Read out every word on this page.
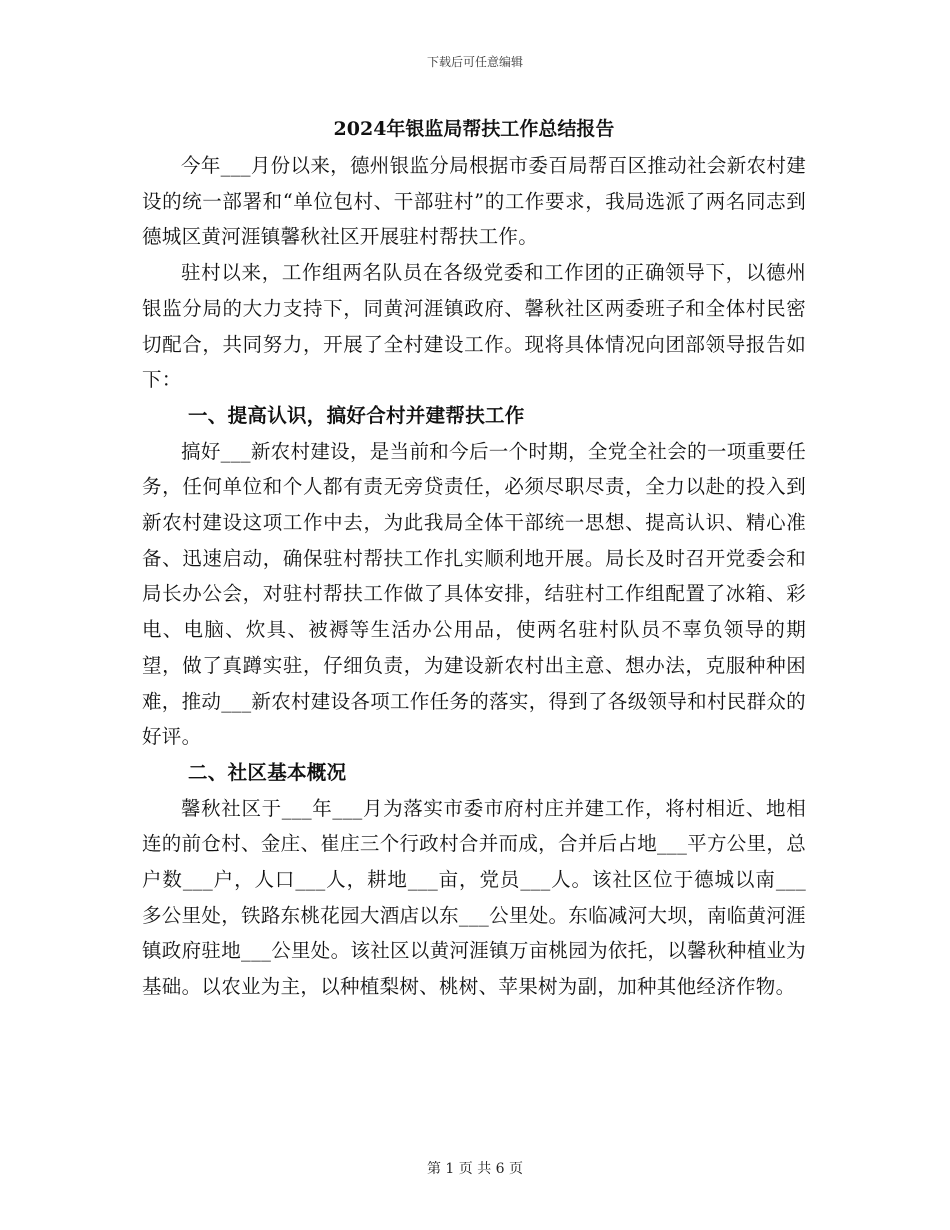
下载后可任意编辑
2024年银监局帮扶工作总结报告

今年___月份以来，德州银监分局根据市委百局帮百区推动社会新农村建设的统一部署和“单位包村、干部驻村”的工作要求，我局选派了两名同志到德城区黄河涯镇馨秋社区开展驻村帮扶工作。

驻村以来，工作组两名队员在各级党委和工作团的正确领导下，以德州银监分局的大力支持下，同黄河涯镇政府、馨秋社区两委班子和全体村民密切配合，共同努力，开展了全村建设工作。现将具体情况向团部领导报告如下：

一、提高认识，搞好合村并建帮扶工作

搞好___新农村建设，是当前和今后一个时期，全党全社会的一项重要任务，任何单位和个人都有责无旁贷责任，必须尽职尽责，全力以赴的投入到新农村建设这项工作中去，为此我局全体干部统一思想、提高认识、精心准备、迅速启动，确保驻村帮扶工作扎实顺利地开展。局长及时召开党委会和局长办公会，对驻村帮扶工作做了具体安排，结驻村工作组配置了冰箱、彩电、电脑、炊具、被褥等生活办公用品，使两名驻村队员不辜负领导的期望，做了真蹲实驻，仔细负责，为建设新农村出主意、想办法，克服种种困难，推动___新农村建设各项工作任务的落实，得到了各级领导和村民群众的好评。

二、社区基本概况

馨秋社区于___年___月为落实市委市府村庄并建工作，将村相近、地相连的前仓村、金庄、崔庄三个行政村合并而成，合并后占地___平方公里，总户数___户，人口___人，耕地___亩，党员___人。该社区位于德城以南___多公里处，铁路东桃花园大酒店以东___公里处。东临减河大坝，南临黄河涯镇政府驻地___公里处。该社区以黄河涯镇万亩桃园为依托，以馨秋种植业为基础。以农业为主，以种植梨树、桃树、苹果树为副，加种其他经济作物。

第 1 页 共 6 页
